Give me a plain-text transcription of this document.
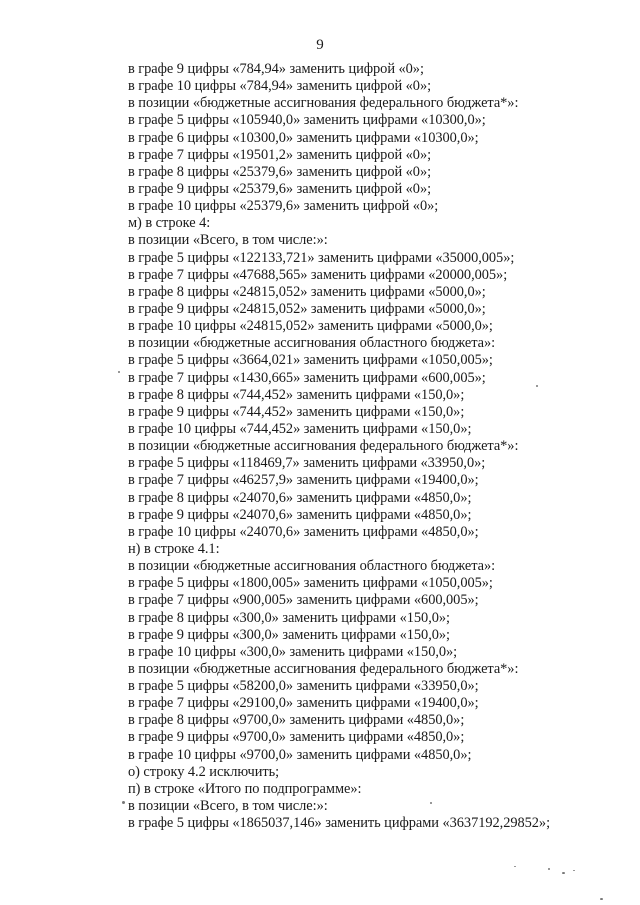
9
в графе 9 цифры «784,94» заменить цифрой «0»;
в графе 10 цифры «784,94» заменить цифрой «0»;
в позиции «бюджетные ассигнования федерального бюджета*»:
в графе 5 цифры «105940,0» заменить цифрами «10300,0»;
в графе 6 цифры «10300,0» заменить цифрами «10300,0»;
в графе 7 цифры «19501,2» заменить цифрой «0»;
в графе 8 цифры «25379,6» заменить цифрой «0»;
в графе 9 цифры «25379,6» заменить цифрой «0»;
в графе 10 цифры «25379,6» заменить цифрой «0»;
м) в строке 4:
в позиции «Всего, в том числе:»:
в графе 5 цифры «122133,721» заменить цифрами «35000,005»;
в графе 7 цифры «47688,565» заменить цифрами «20000,005»;
в графе 8 цифры «24815,052» заменить цифрами «5000,0»;
в графе 9 цифры «24815,052» заменить цифрами «5000,0»;
в графе 10 цифры «24815,052» заменить цифрами «5000,0»;
в позиции «бюджетные ассигнования областного бюджета»:
в графе 5 цифры «3664,021» заменить цифрами «1050,005»;
в графе 7 цифры «1430,665» заменить цифрами «600,005»;
в графе 8 цифры «744,452» заменить цифрами «150,0»;
в графе 9 цифры «744,452» заменить цифрами «150,0»;
в графе 10 цифры «744,452» заменить цифрами «150,0»;
в позиции «бюджетные ассигнования федерального бюджета*»:
в графе 5 цифры «118469,7» заменить цифрами «33950,0»;
в графе 7 цифры «46257,9» заменить цифрами «19400,0»;
в графе 8 цифры «24070,6» заменить цифрами «4850,0»;
в графе 9 цифры «24070,6» заменить цифрами «4850,0»;
в графе 10 цифры «24070,6» заменить цифрами «4850,0»;
н) в строке 4.1:
в позиции «бюджетные ассигнования областного бюджета»:
в графе 5 цифры «1800,005» заменить цифрами «1050,005»;
в графе 7 цифры «900,005» заменить цифрами «600,005»;
в графе 8 цифры «300,0» заменить цифрами «150,0»;
в графе 9 цифры «300,0» заменить цифрами «150,0»;
в графе 10 цифры «300,0» заменить цифрами «150,0»;
в позиции «бюджетные ассигнования федерального бюджета*»:
в графе 5 цифры «58200,0» заменить цифрами «33950,0»;
в графе 7 цифры «29100,0» заменить цифрами «19400,0»;
в графе 8 цифры «9700,0» заменить цифрами «4850,0»;
в графе 9 цифры «9700,0» заменить цифрами «4850,0»;
в графе 10 цифры «9700,0» заменить цифрами «4850,0»;
о) строку 4.2 исключить;
п) в строке «Итого по подпрограмме»:
в позиции «Всего, в том числе:»:
в графе 5 цифры «1865037,146» заменить цифрами «3637192,29852»;
